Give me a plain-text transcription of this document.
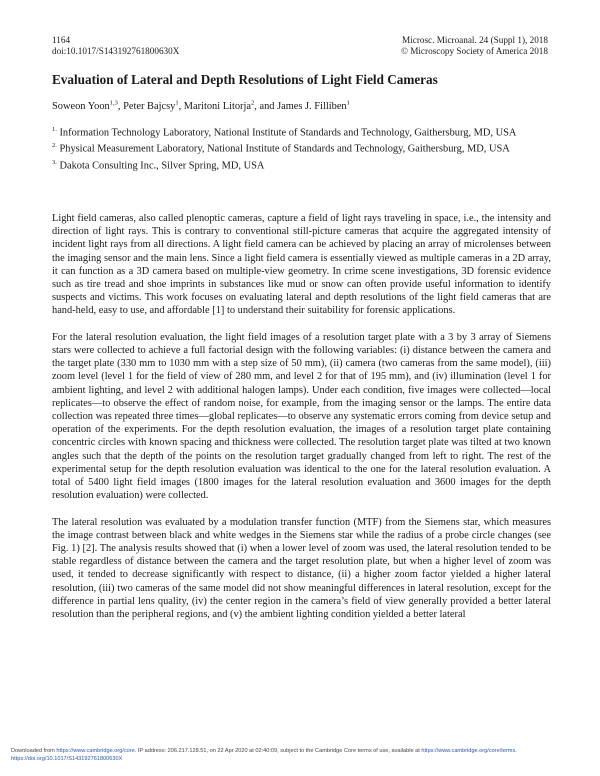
1164
doi:10.1017/S143192761800630X
Microsc. Microanal. 24 (Suppl 1), 2018
© Microscopy Society of America 2018
Evaluation of Lateral and Depth Resolutions of Light Field Cameras
Soweon Yoon$^{1,3}$, Peter Bajcsy$^1$, Maritoni Litorja$^2$, and James J. Filliben$^1$
$^{1.}$ Information Technology Laboratory, National Institute of Standards and Technology, Gaithersburg, MD, USA
$^{2.}$ Physical Measurement Laboratory, National Institute of Standards and Technology, Gaithersburg, MD, USA
$^{3.}$ Dakota Consulting Inc., Silver Spring, MD, USA

Light field cameras, also called plenoptic cameras, capture a field of light rays traveling in space, i.e., the intensity and direction of light rays. This is contrary to conventional still-picture cameras that acquire the aggregated intensity of incident light rays from all directions. A light field camera can be achieved by placing an array of microlenses between the imaging sensor and the main lens. Since a light field camera is essentially viewed as multiple cameras in a 2D array, it can function as a 3D camera based on multiple-view geometry. In crime scene investigations, 3D forensic evidence such as tire tread and shoe imprints in substances like mud or snow can often provide useful information to identify suspects and victims. This work focuses on evaluating lateral and depth resolutions of the light field cameras that are hand-held, easy to use, and affordable [1] to understand their suitability for forensic applications.

For the lateral resolution evaluation, the light field images of a resolution target plate with a 3 by 3 array of Siemens stars were collected to achieve a full factorial design with the following variables: (i) distance between the camera and the target plate (330 mm to 1030 mm with a step size of 50 mm), (ii) camera (two cameras from the same model), (iii) zoom level (level 1 for the field of view of 280 mm, and level 2 for that of 195 mm), and (iv) illumination (level 1 for ambient lighting, and level 2 with additional halogen lamps). Under each condition, five images were collected—local replicates—to observe the effect of random noise, for example, from the imaging sensor or the lamps. The entire data collection was repeated three times—global replicates—to observe any systematic errors coming from device setup and operation of the experiments. For the depth resolution evaluation, the images of a resolution target plate containing concentric circles with known spacing and thickness were collected. The resolution target plate was tilted at two known angles such that the depth of the points on the resolution target gradually changed from left to right. The rest of the experimental setup for the depth resolution evaluation was identical to the one for the lateral resolution evaluation. A total of 5400 light field images (1800 images for the lateral resolution evaluation and 3600 images for the depth resolution evaluation) were collected.

The lateral resolution was evaluated by a modulation transfer function (MTF) from the Siemens star, which measures the image contrast between black and white wedges in the Siemens star while the radius of a probe circle changes (see Fig. 1) [2]. The analysis results showed that (i) when a lower level of zoom was used, the lateral resolution tended to be stable regardless of distance between the camera and the target resolution plate, but when a higher level of zoom was used, it tended to decrease significantly with respect to distance, (ii) a higher zoom factor yielded a higher lateral resolution, (iii) two cameras of the same model did not show meaningful differences in lateral resolution, except for the difference in partial lens quality, (iv) the center region in the camera’s field of view generally provided a better lateral resolution than the peripheral regions, and (v) the ambient lighting condition yielded a better lateral

Downloaded from https://www.cambridge.org/core. IP address: 206.217.128.51, on 22 Apr 2020 at 02:40:09, subject to the Cambridge Core terms of use, available at https://www.cambridge.org/core/terms.
https://doi.org/10.1017/S143192761800630X
